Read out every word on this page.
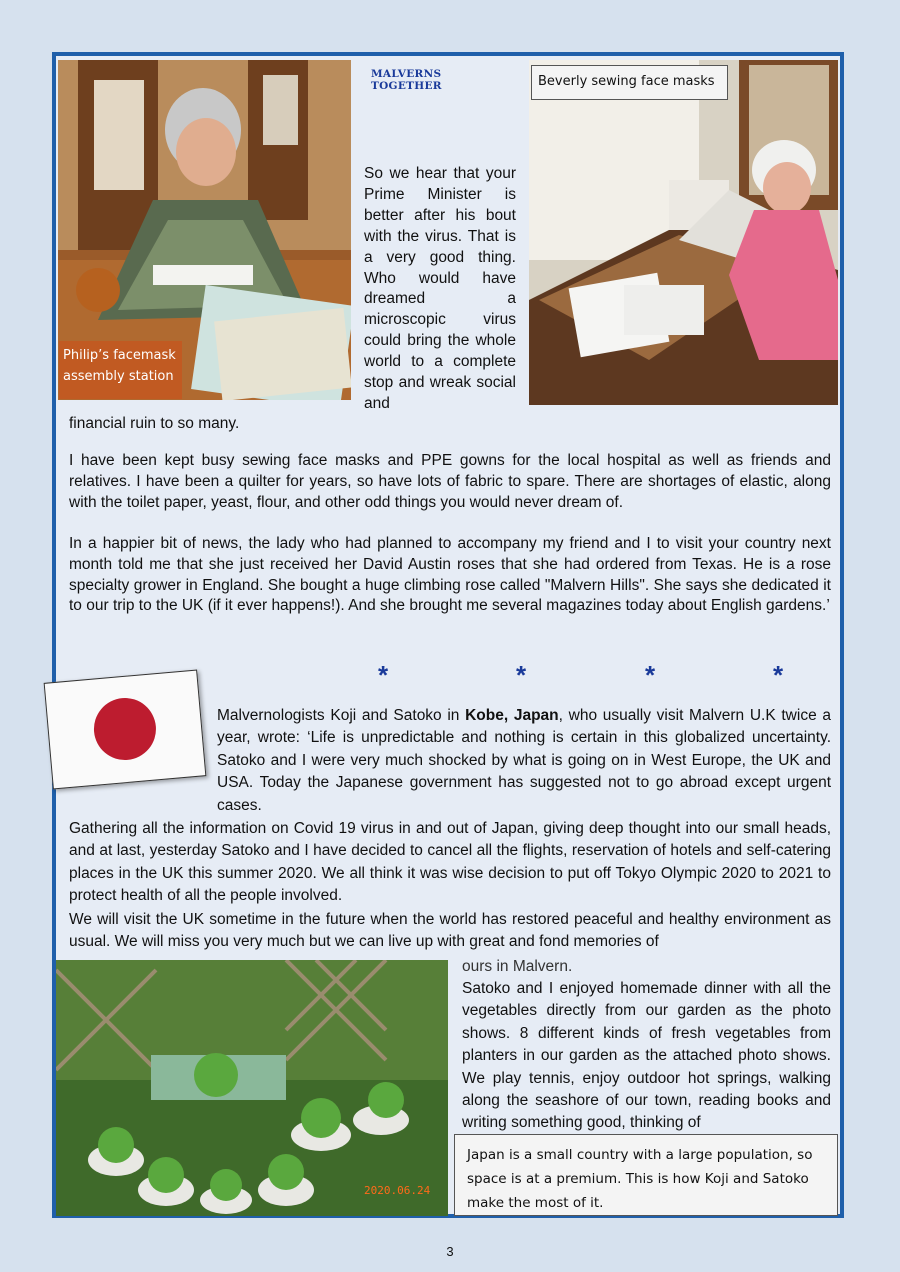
Philip’s facemask assembly station
MALVERNS TOGETHER
So we hear that your Prime Minister is better after his bout with the virus. That is a very good thing. Who would have dreamed a microscopic virus could bring the whole world to a complete stop and wreak social and
Beverly sewing face masks
financial ruin to so many.
I have been kept busy sewing face masks and PPE gowns for the local hospital as well as friends and relatives. I have been a quilter for years, so have lots of fabric to spare. There are shortages of elastic, along with the toilet paper, yeast, flour, and other odd things you would never dream of.
In a happier bit of news, the lady who had planned to accompany my friend and I to visit your country next month told me that she just received her David Austin roses that she had ordered from Texas. He is a rose specialty grower in England. She bought a huge climbing rose called "Malvern Hills". She says she dedicated it to our trip to the UK (if it ever happens!). And she brought me several magazines today about English gardens.’
*	*	*	*
Malvernologists Koji and Satoko in Kobe, Japan, who usually visit Malvern U.K twice a year, wrote: ‘Life is unpredictable and nothing is certain in this globalized uncertainty. Satoko and I were very much shocked by what is going on in West Europe, the UK and USA. Today the Japanese government has suggested not to go abroad except urgent cases.
Gathering all the information on Covid 19 virus in and out of Japan, giving deep thought into our small heads, and at last, yesterday Satoko and I have decided to cancel all the flights, reservation of hotels and self-catering places in the UK this summer 2020. We all think it was wise decision to put off Tokyo Olympic 2020 to 2021 to protect health of all the people involved.
We will visit the UK sometime in the future when the world has restored peaceful and healthy environment as usual. We will miss you very much but we can live up with great and fond memories of
2020.06.24
ours in Malvern.
Satoko and I enjoyed homemade dinner with all the vegetables directly from our garden as the photo shows. 8 different kinds of fresh vegetables from planters in our garden as the attached photo shows. We play tennis, enjoy outdoor hot springs, walking along the seashore of our town, reading books and writing something good, thinking of
Japan is a small country with a large population, so space is at a premium. This is how Koji and Satoko make the most of it.
3
